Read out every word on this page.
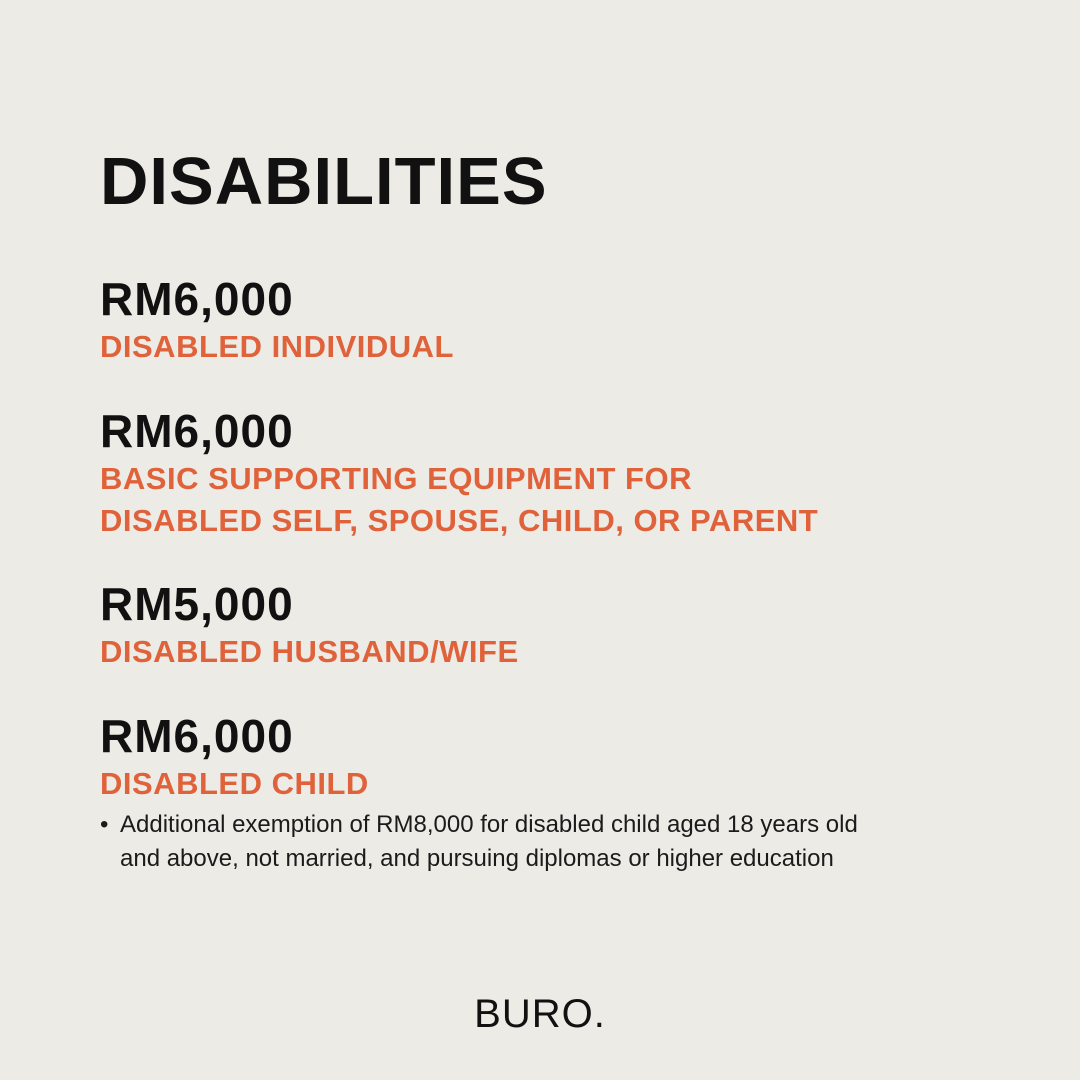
DISABILITIES
RM6,000
DISABLED INDIVIDUAL
RM6,000
BASIC SUPPORTING EQUIPMENT FOR
DISABLED SELF, SPOUSE, CHILD, OR PARENT
RM5,000
DISABLED HUSBAND/WIFE
RM6,000
DISABLED CHILD
• Additional exemption of RM8,000 for disabled child aged 18 years old
and above, not married, and pursuing diplomas or higher education
BURO.
